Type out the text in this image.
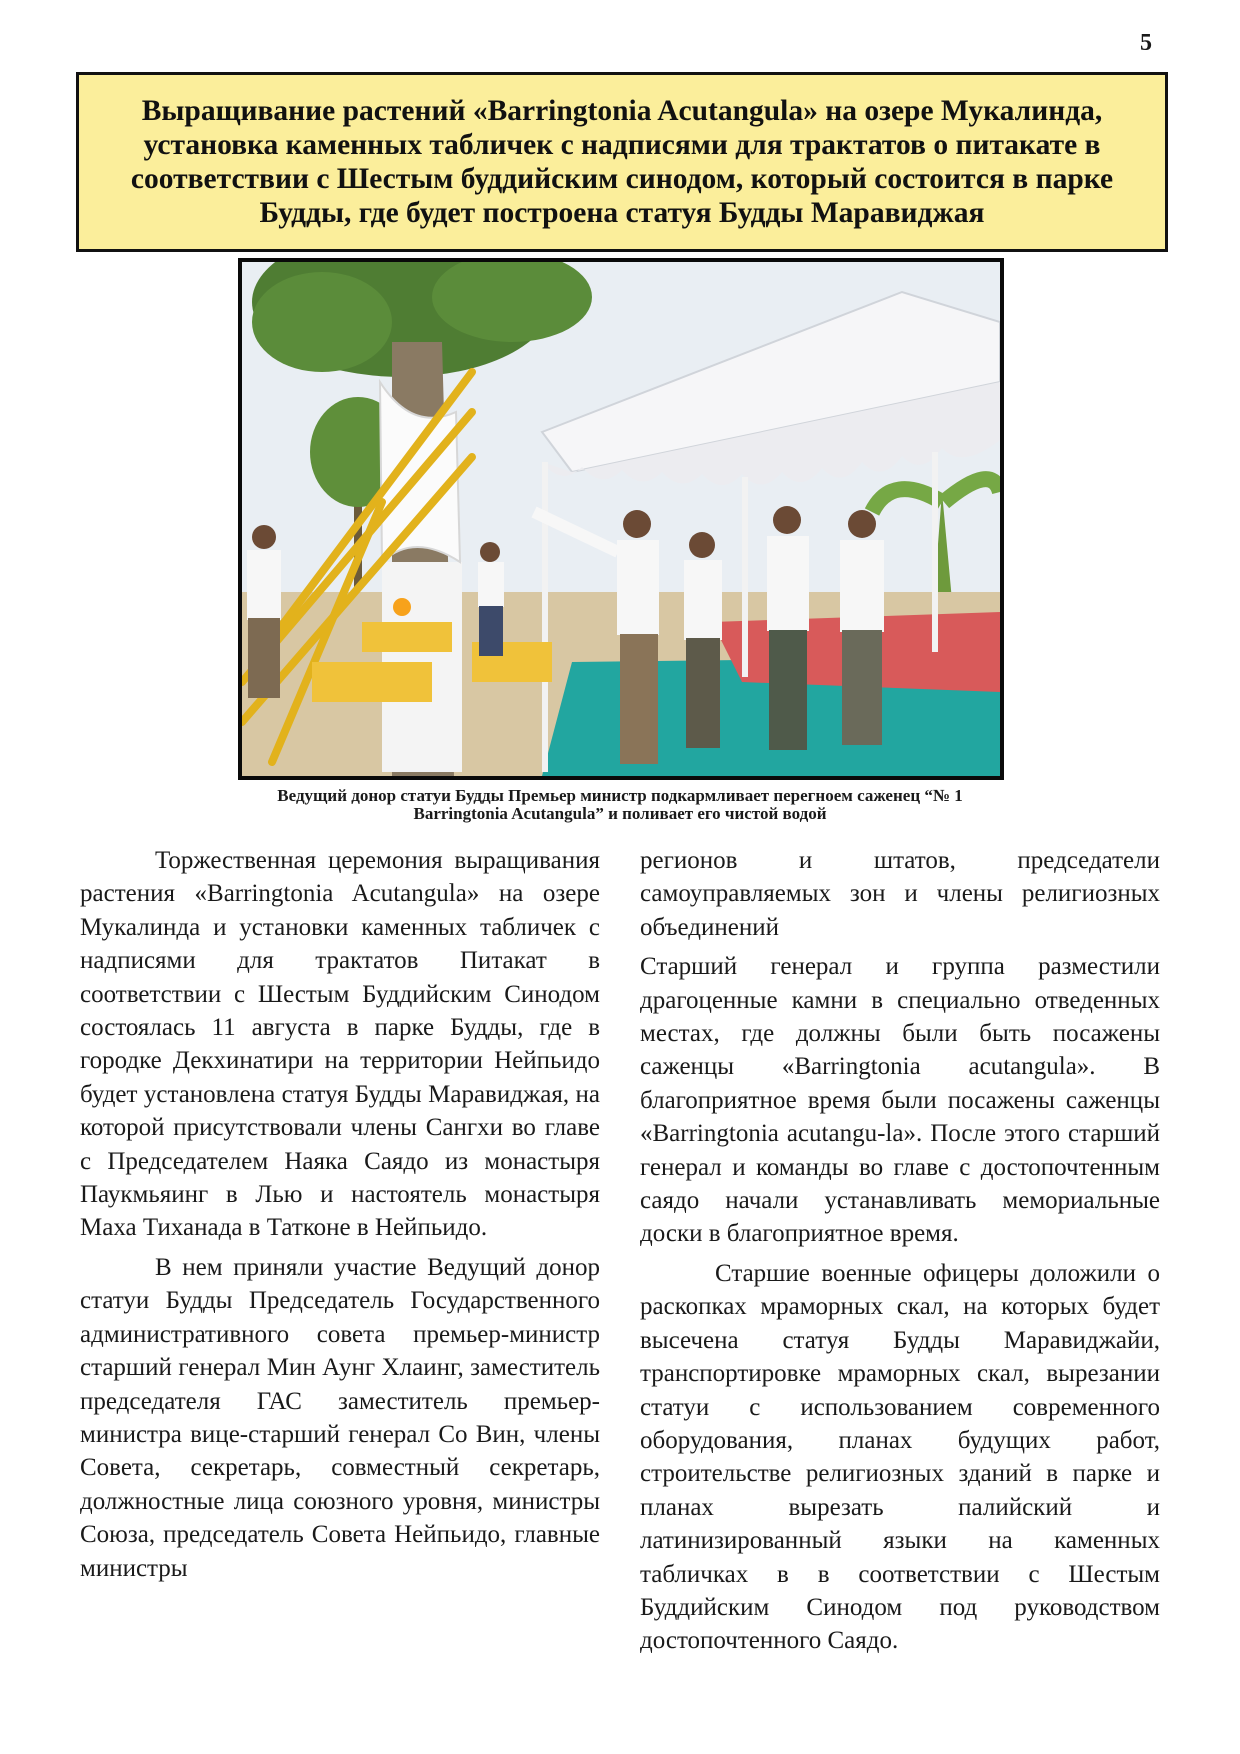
5
Выращивание растений «Barringtonia Acutangula» на озере Мукалинда, установка каменных табличек с надписями для трактатов о питакате в соответствии с Шестым буддийским синодом, который состоится в парке Будды, где будет построена статуя Будды Маравиджая
Ведущий донор статуи Будды Премьер министр подкармливает перегноем саженец “№ 1
Barringtonia Acutangula” и поливает его чистой водой

Торжественная церемония выращивания растения «Barringtonia Acutangula» на озере Мукалинда и установки каменных табличек с надписями для трактатов Питакат в соответствии с Шестым Буддийским Синодом состоялась 11 августа в парке Будды, где в городке Декхинатири на территории Нейпьидо будет установлена статуя Будды Маравиджая, на которой присутствовали члены Сангхи во главе с Председателем Наяка Саядо из монастыря Паукмьяинг в Лью и настоятель монастыря Маха Тиханада в Татконе в Нейпьидо.

В нем приняли участие Ведущий донор статуи Будды Председатель Государственного административного совета премьер-министр старший генерал Мин Аунг Хлаинг, заместитель председателя ГАС заместитель премьер-министра вице-старший генерал Со Вин, члены Совета, секретарь, совместный секретарь, должностные лица союзного уровня, министры Союза, председатель Совета Нейпьидо, главные министры

регионов и штатов, председатели самоуправляемых зон и члены религиозных объединений

Старший генерал и группа разместили драгоценные камни в специально отведенных местах, где должны были быть посажены саженцы «Barringtonia acutangula». В благоприятное время были посажены саженцы «Barringtonia acutangu-la». После этого старший генерал и команды во главе с достопочтенным саядо начали устанавливать мемориальные доски в благоприятное время.

Старшие военные офицеры доложили о раскопках мраморных скал, на которых будет высечена статуя Будды Маравиджайи, транспортировке мраморных скал, вырезании статуи с использованием современного оборудования, планах будущих работ, строительстве религиозных зданий в парке и планах вырезать палийский и латинизированный языки на каменных табличках в в соответствии с Шестым Буддийским Синодом под руководством достопочтенного Саядо.
